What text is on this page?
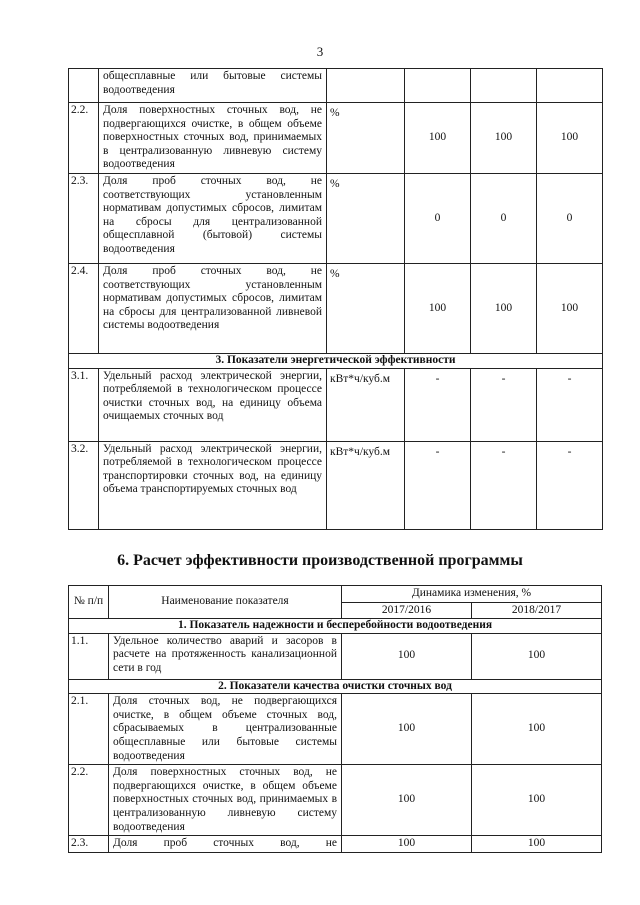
3
	общесплавные или бытовые системы водоотведения				
2.2.	Доля поверхностных сточных вод, не подвергающихся очистке, в общем объеме поверхностных сточных вод, принимаемых в централизованную ливневую систему водоотведения	%	100	100	100
2.3.	Доля проб сточных вод, не соответствующих установленным нормативам допустимых сбросов, лимитам на сбросы для централизованной общесплавной (бытовой) системы водоотведения	%	0	0	0
2.4.	Доля проб сточных вод, не соответствующих установленным нормативам допустимых сбросов, лимитам на сбросы для централизованной ливневой системы водоотведения	%	100	100	100
3. Показатели энергетической эффективности					
3.1.	Удельный расход электрической энергии, потребляемой в технологическом процессе очистки сточных вод, на единицу объема очищаемых сточных вод	кВт*ч/куб.м	-	-	-
3.2.	Удельный расход электрической энергии, потребляемой в технологическом процессе транспортировки сточных вод, на единицу объема транспортируемых сточных вод	кВт*ч/куб.м	-	-	-
6. Расчет эффективности производственной программы
№ п/п	Наименование показателя	Динамика изменения, %	
		2017/2016	2018/2017
1. Показатель надежности и бесперебойности водоотведения			
1.1.	Удельное количество аварий и засоров в расчете на протяженность канализационной сети в год	100	100
2. Показатели качества очистки сточных вод			
2.1.	Доля сточных вод, не подвергающихся очистке, в общем объеме сточных вод, сбрасываемых в централизованные общесплавные или бытовые системы водоотведения	100	100
2.2.	Доля поверхностных сточных вод, не подвергающихся очистке, в общем объеме поверхностных сточных вод, принимаемых в централизованную ливневую систему водоотведения	100	100
2.3.	Доля проб сточных вод, не	100	100
